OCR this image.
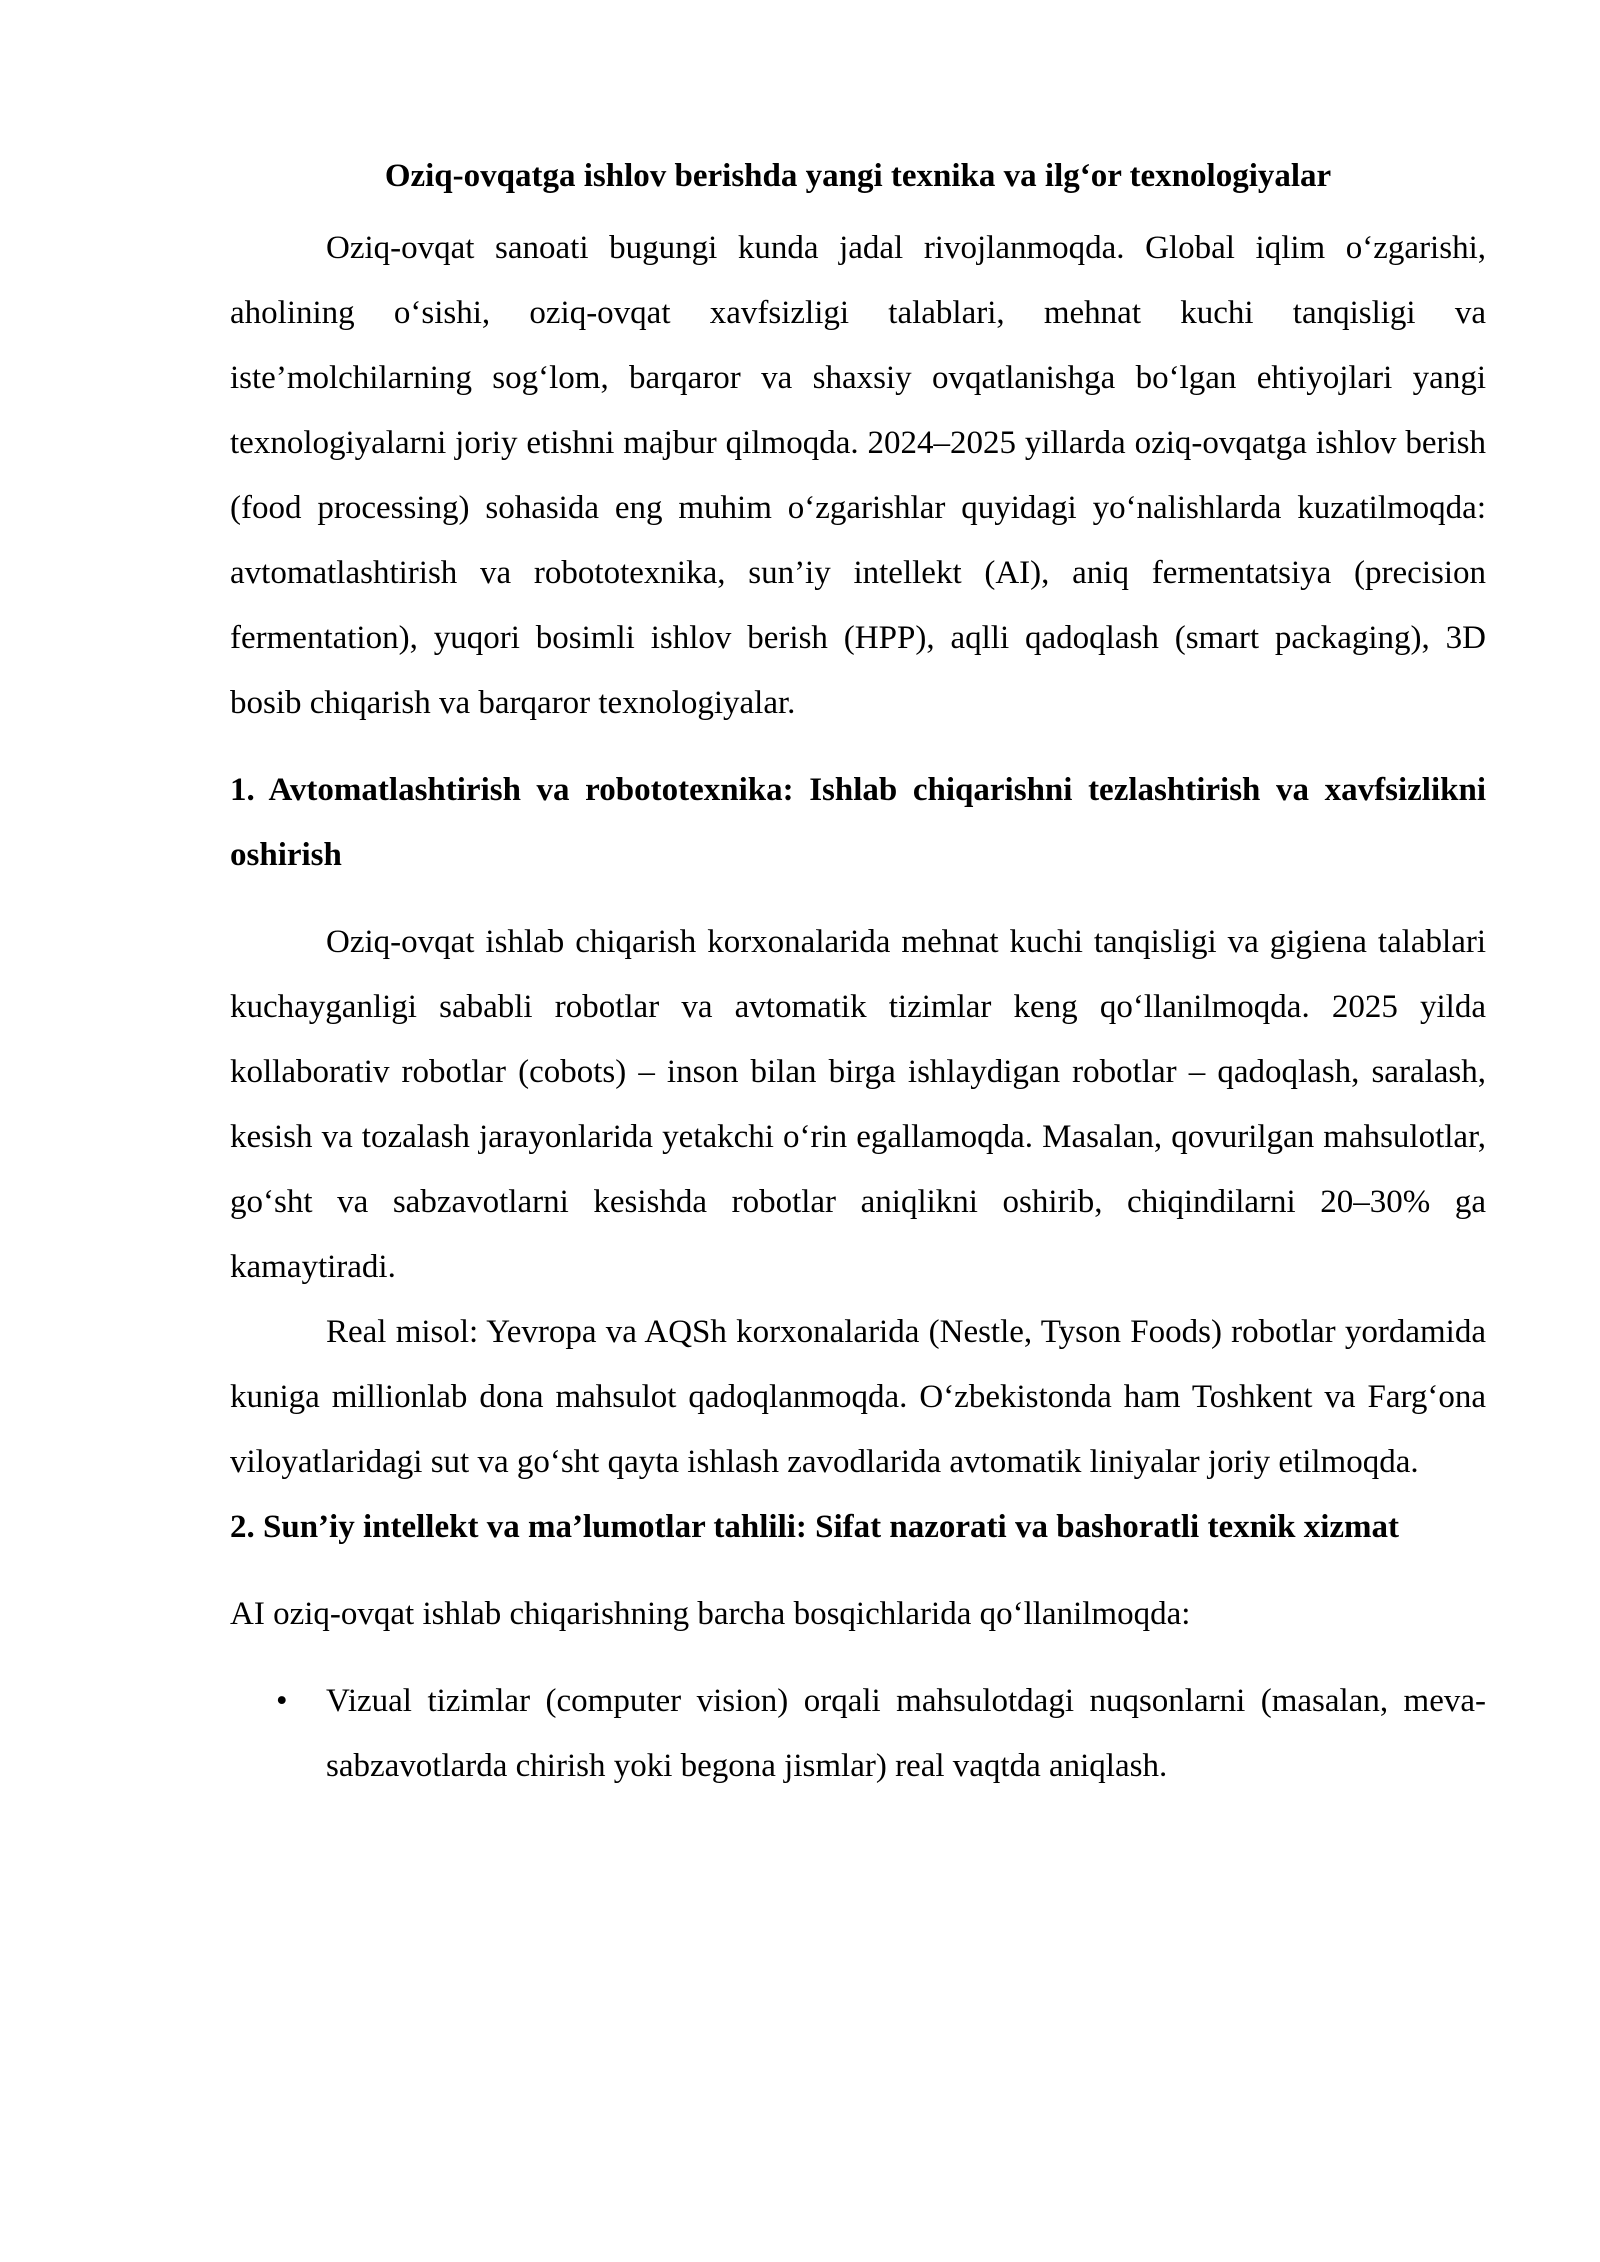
Oziq-ovqatga ishlov berishda yangi texnika va ilg‘or texnologiyalar

Oziq-ovqat sanoati bugungi kunda jadal rivojlanmoqda. Global iqlim o‘zgarishi, aholining o‘sishi, oziq-ovqat xavfsizligi talablari, mehnat kuchi tanqisligi va iste’molchilarning sog‘lom, barqaror va shaxsiy ovqatlanishga bo‘lgan ehtiyojlari yangi texnologiyalarni joriy etishni majbur qilmoqda. 2024–2025 yillarda oziq-ovqatga ishlov berish (food processing) sohasida eng muhim o‘zgarishlar quyidagi yo‘nalishlarda kuzatilmoqda: avtomatlashtirish va robototexnika, sun’iy intellekt (AI), aniq fermentatsiya (precision fermentation), yuqori bosimli ishlov berish (HPP), aqlli qadoqlash (smart packaging), 3D bosib chiqarish va barqaror texnologiyalar.

1. Avtomatlashtirish va robototexnika: Ishlab chiqarishni tezlashtirish va xavfsizlikni oshirish

Oziq-ovqat ishlab chiqarish korxonalarida mehnat kuchi tanqisligi va gigiena talablari kuchayganligi sababli robotlar va avtomatik tizimlar keng qo‘llanilmoqda. 2025 yilda kollaborativ robotlar (cobots) – inson bilan birga ishlaydigan robotlar – qadoqlash, saralash, kesish va tozalash jarayonlarida yetakchi o‘rin egallamoqda. Masalan, qovurilgan mahsulotlar, go‘sht va sabzavotlarni kesishda robotlar aniqlikni oshirib, chiqindilarni 20–30% ga kamaytiradi.

Real misol: Yevropa va AQSh korxonalarida (Nestle, Tyson Foods) robotlar yordamida kuniga millionlab dona mahsulot qadoqlanmoqda. O‘zbekistonda ham Toshkent va Farg‘ona viloyatlaridagi sut va go‘sht qayta ishlash zavodlarida avtomatik liniyalar joriy etilmoqda.

2. Sun’iy intellekt va ma’lumotlar tahlili: Sifat nazorati va bashoratli texnik xizmat

AI oziq-ovqat ishlab chiqarishning barcha bosqichlarida qo‘llanilmoqda:

• Vizual tizimlar (computer vision) orqali mahsulotdagi nuqsonlarni (masalan, meva-sabzavotlarda chirish yoki begona jismlar) real vaqtda aniqlash.
